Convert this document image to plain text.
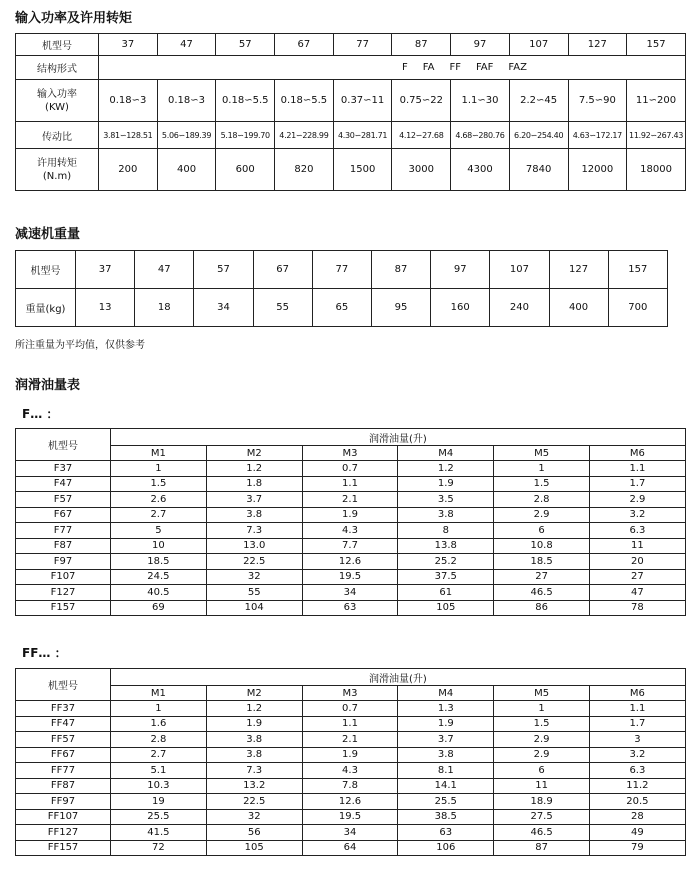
输入功率及许用转矩
机型号	37	47	57	67	77	87	97	107	127	157
结构形式	F FA FF FAF FAZ									

输入功率
(KW)	0.18∽3	0.18∽3	0.18∽5.5	0.18∽5.5	0.37∽11	0.75∽22	1.1∽30	2.2∽45	7.5∽90	11∽200
传动比	3.81∽128.51	5.06∽189.39	5.18∽199.70	4.21∽228.99	4.30∽281.71	4.12∽27.68	4.68∽280.76	6.20∽254.40	4.63∽172.17	11.92∽267.43

许用转矩
(N.m)	200	400	600	820	1500	3000	4300	7840	12000	18000
减速机重量
机型号	37	47	57	67	77	87	97	107	127	157
重量(kg)	13	18	34	55	65	95	160	240	400	700
所注重量为平均值，仅供参考
润滑油量表
F… ：
机型号	润滑油量(升)					
	M1	M2	M3	M4	M5	M6
F37	1	1.2	0.7	1.2	1	1.1
F47	1.5	1.8	1.1	1.9	1.5	1.7
F57	2.6	3.7	2.1	3.5	2.8	2.9
F67	2.7	3.8	1.9	3.8	2.9	3.2
F77	5	7.3	4.3	8	6	6.3
F87	10	13.0	7.7	13.8	10.8	11
F97	18.5	22.5	12.6	25.2	18.5	20
F107	24.5	32	19.5	37.5	27	27
F127	40.5	55	34	61	46.5	47
F157	69	104	63	105	86	78
FF… ：
机型号	润滑油量(升)					
	M1	M2	M3	M4	M5	M6
FF37	1	1.2	0.7	1.3	1	1.1
FF47	1.6	1.9	1.1	1.9	1.5	1.7
FF57	2.8	3.8	2.1	3.7	2.9	3
FF67	2.7	3.8	1.9	3.8	2.9	3.2
FF77	5.1	7.3	4.3	8.1	6	6.3
FF87	10.3	13.2	7.8	14.1	11	11.2
FF97	19	22.5	12.6	25.5	18.9	20.5
FF107	25.5	32	19.5	38.5	27.5	28
FF127	41.5	56	34	63	46.5	49
FF157	72	105	64	106	87	79
